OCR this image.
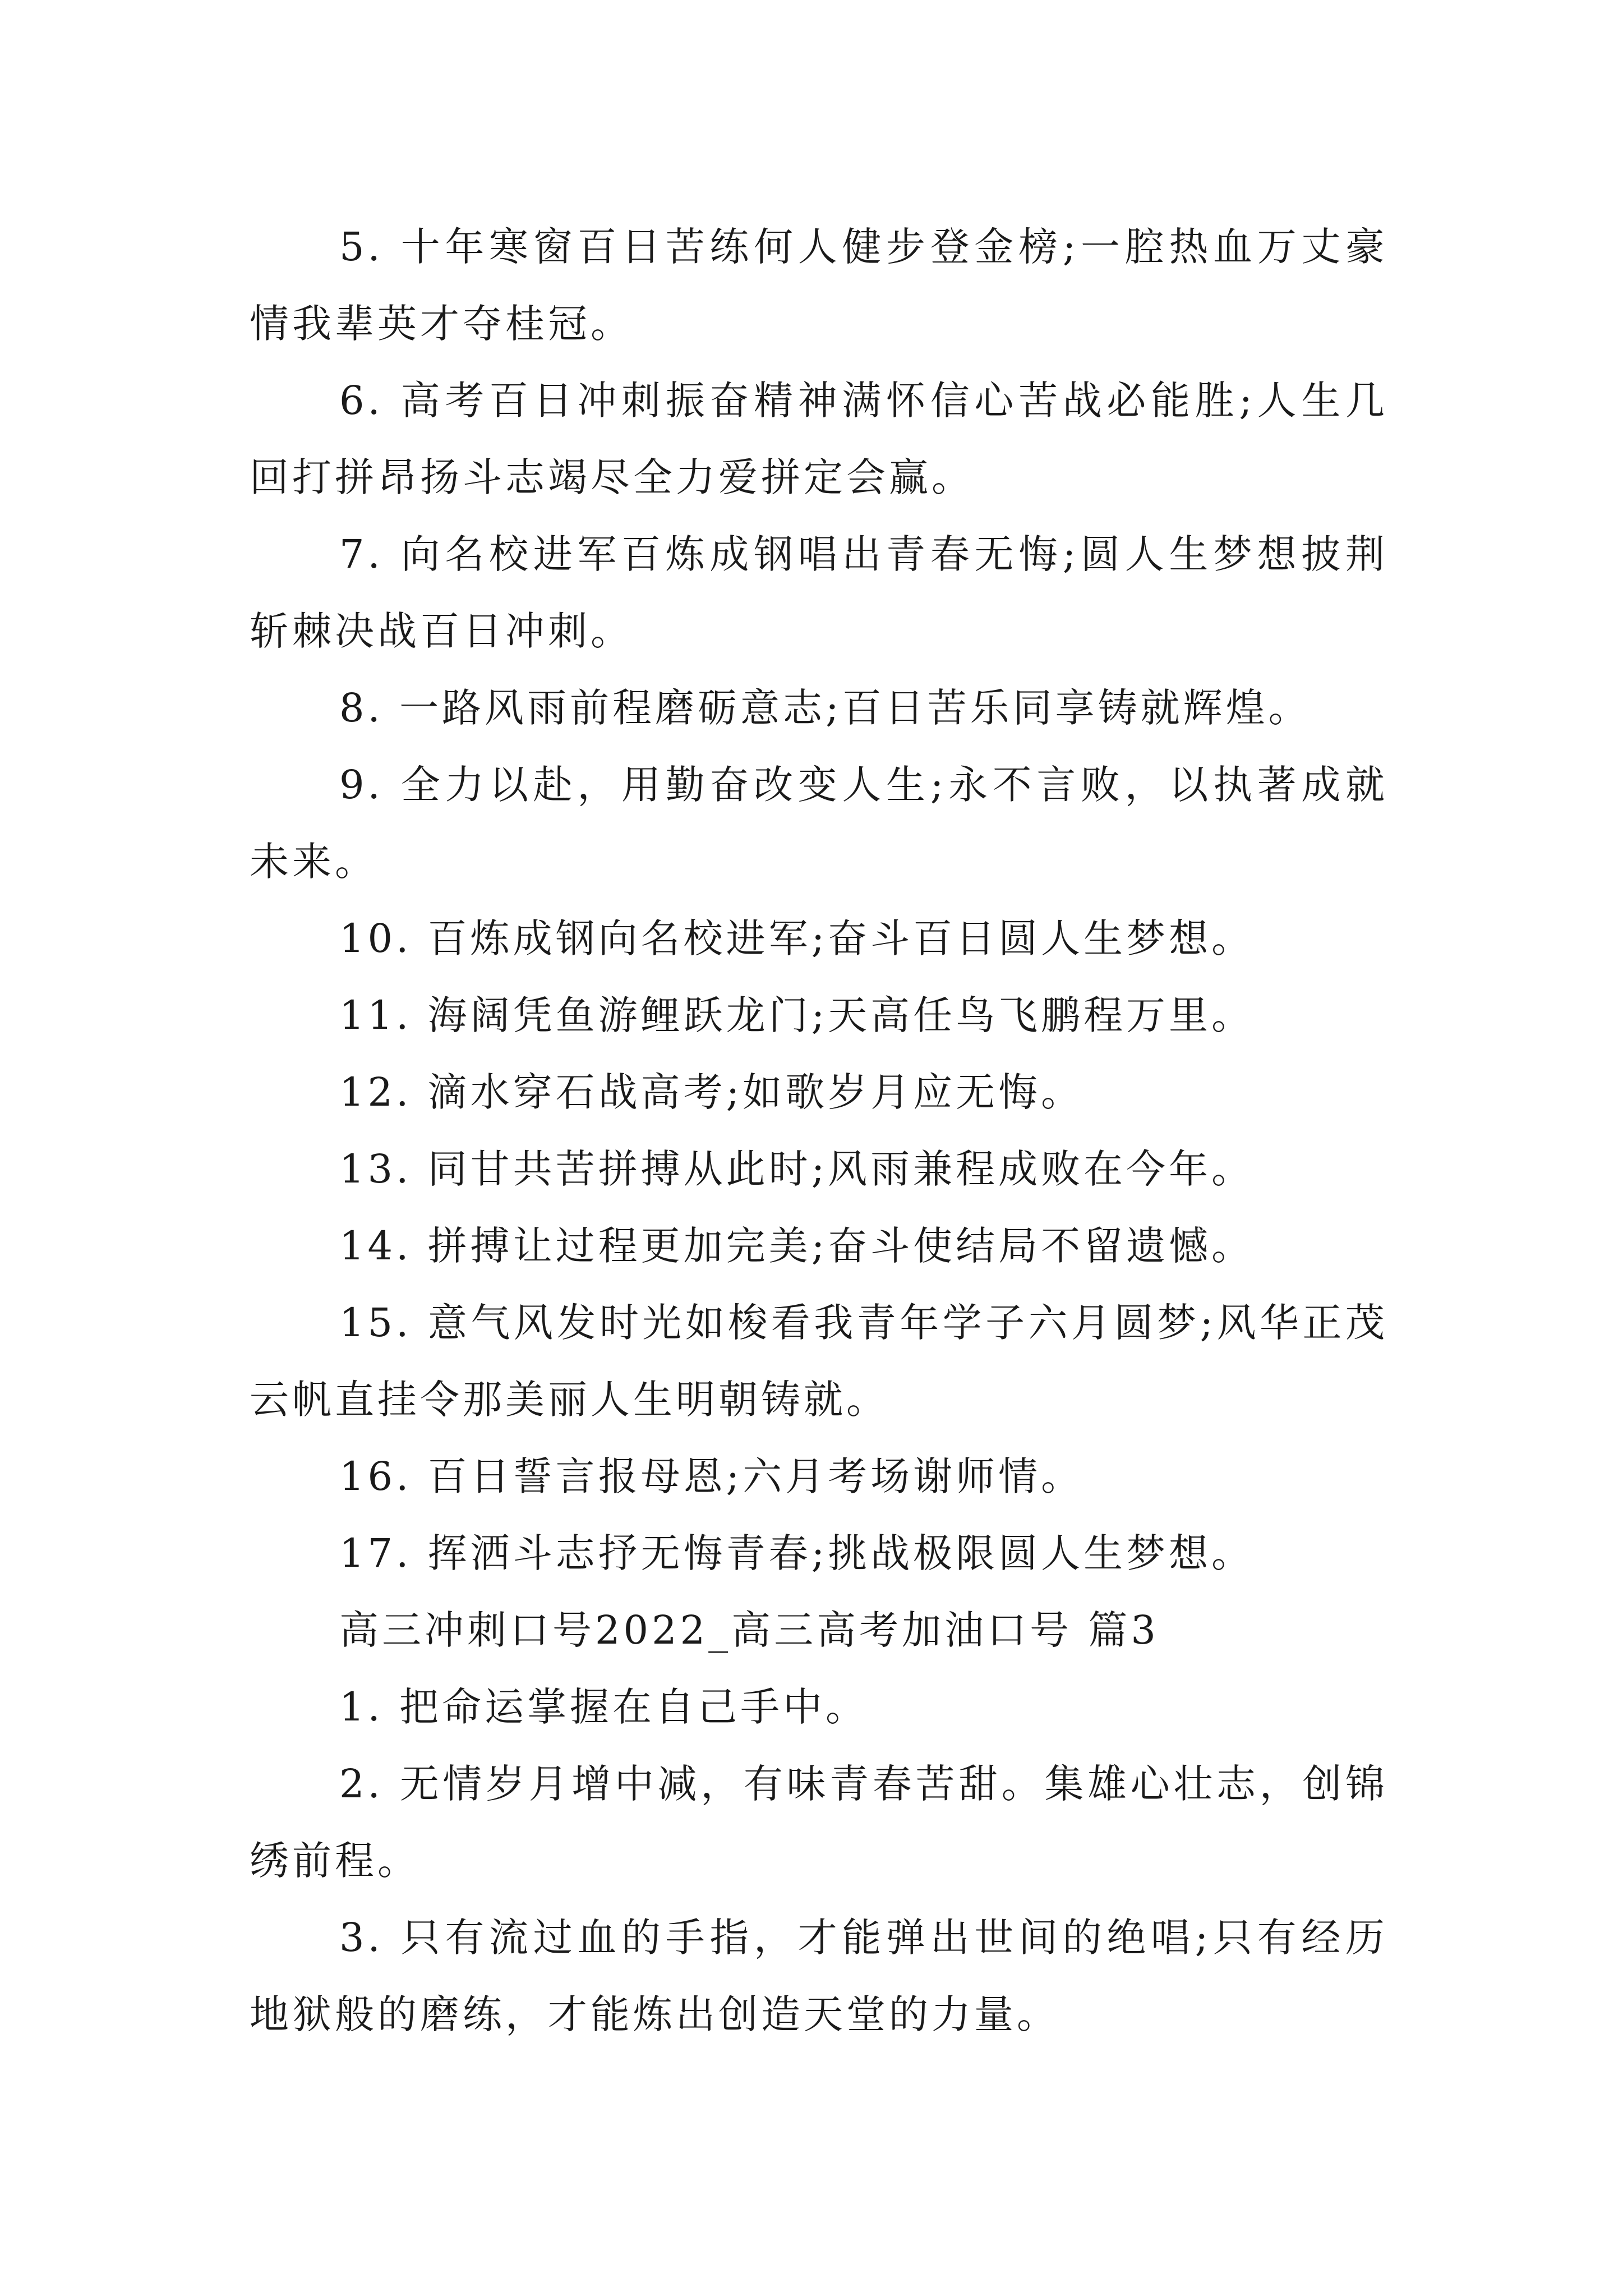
5. 十年寒窗百日苦练何人健步登金榜;一腔热血万丈豪情我辈英才夺桂冠。

6. 高考百日冲刺振奋精神满怀信心苦战必能胜;人生几回打拼昂扬斗志竭尽全力爱拼定会赢。

7. 向名校进军百炼成钢唱出青春无悔;圆人生梦想披荆斩棘决战百日冲刺。

8. 一路风雨前程磨砺意志;百日苦乐同享铸就辉煌。

9. 全力以赴，用勤奋改变人生;永不言败，以执著成就未来。

10. 百炼成钢向名校进军;奋斗百日圆人生梦想。

11. 海阔凭鱼游鲤跃龙门;天高任鸟飞鹏程万里。

12. 滴水穿石战高考;如歌岁月应无悔。

13. 同甘共苦拼搏从此时;风雨兼程成败在今年。

14. 拼搏让过程更加完美;奋斗使结局不留遗憾。

15. 意气风发时光如梭看我青年学子六月圆梦;风华正茂云帆直挂令那美丽人生明朝铸就。

16. 百日誓言报母恩;六月考场谢师情。

17. 挥洒斗志抒无悔青春;挑战极限圆人生梦想。

高三冲刺口号2022_高三高考加油口号 篇3

1. 把命运掌握在自己手中。

2. 无情岁月增中减，有味青春苦甜。集雄心壮志，创锦绣前程。

3. 只有流过血的手指，才能弹出世间的绝唱;只有经历地狱般的磨练，才能炼出创造天堂的力量。
